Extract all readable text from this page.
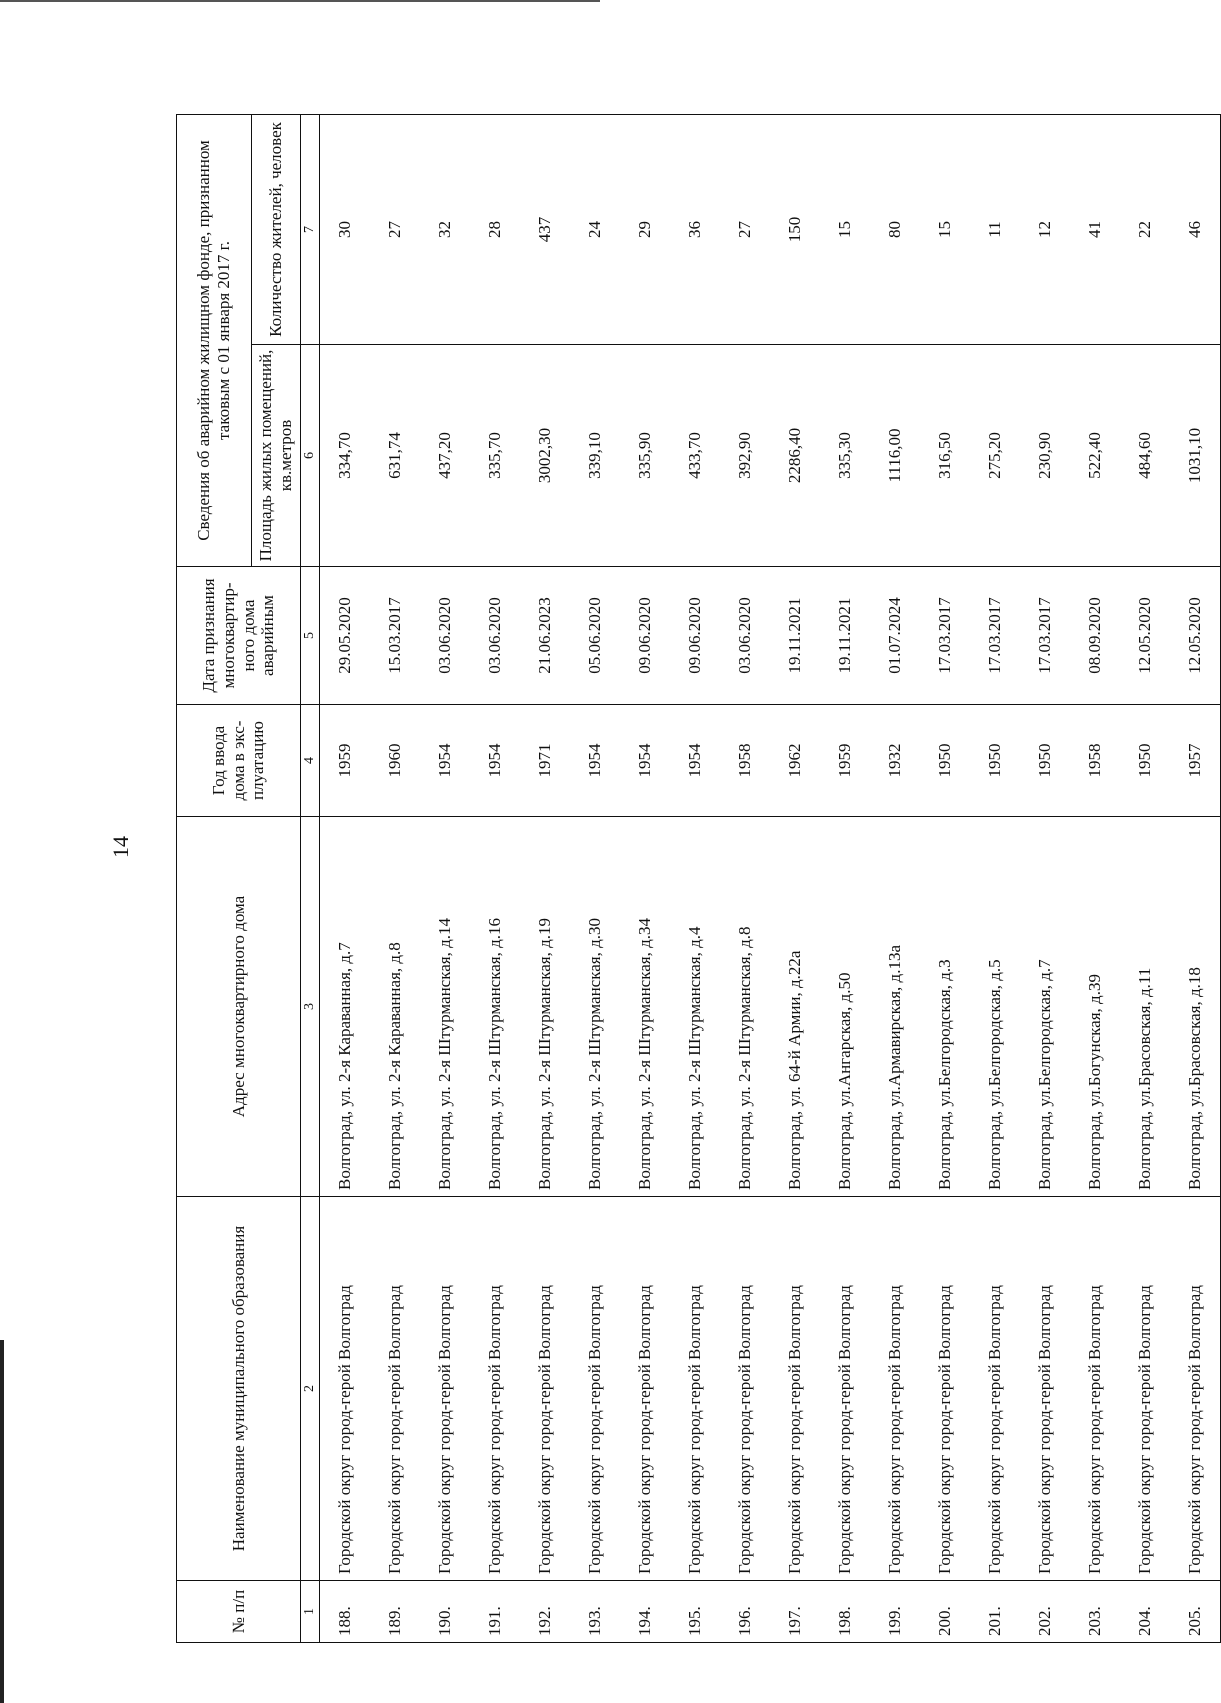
14
№ п/п	Наименование муниципального образования	Адрес многоквартирного дома	Год ввода дома в экс-плуатацию	Дата признания многоквартир-ного дома аварийным	Сведения об аварийном жилищном фонде, признанном таковым с 01 января 2017 г.	
					Площадь жилых помещений, кв.метров	Количество жителей, человек
1	2	3	4	5	6	7
188.	Городской округ город-герой Волгоград	Волгоград, ул. 2-я Караванная, д.7	1959	29.05.2020	334,70	30
189.	Городской округ город-герой Волгоград	Волгоград, ул. 2-я Караванная, д.8	1960	15.03.2017	631,74	27
190.	Городской округ город-герой Волгоград	Волгоград, ул. 2-я Штурманская, д.14	1954	03.06.2020	437,20	32
191.	Городской округ город-герой Волгоград	Волгоград, ул. 2-я Штурманская, д.16	1954	03.06.2020	335,70	28
192.	Городской округ город-герой Волгоград	Волгоград, ул. 2-я Штурманская, д.19	1971	21.06.2023	3002,30	437
193.	Городской округ город-герой Волгоград	Волгоград, ул. 2-я Штурманская, д.30	1954	05.06.2020	339,10	24
194.	Городской округ город-герой Волгоград	Волгоград, ул. 2-я Штурманская, д.34	1954	09.06.2020	335,90	29
195.	Городской округ город-герой Волгоград	Волгоград, ул. 2-я Штурманская, д.4	1954	09.06.2020	433,70	36
196.	Городской округ город-герой Волгоград	Волгоград, ул. 2-я Штурманская, д.8	1958	03.06.2020	392,90	27
197.	Городской округ город-герой Волгоград	Волгоград, ул. 64-й Армии, д.22а	1962	19.11.2021	2286,40	150
198.	Городской округ город-герой Волгоград	Волгоград, ул.Ангарская, д.50	1959	19.11.2021	335,30	15
199.	Городской округ город-герой Волгоград	Волгоград, ул.Армавирская, д.13а	1932	01.07.2024	1116,00	80
200.	Городской округ город-герой Волгоград	Волгоград, ул.Белгородская, д.3	1950	17.03.2017	316,50	15
201.	Городской округ город-герой Волгоград	Волгоград, ул.Белгородская, д.5	1950	17.03.2017	275,20	11
202.	Городской округ город-герой Волгоград	Волгоград, ул.Белгородская, д.7	1950	17.03.2017	230,90	12
203.	Городской округ город-герой Волгоград	Волгоград, ул.Богунская, д.39	1958	08.09.2020	522,40	41
204.	Городской округ город-герой Волгоград	Волгоград, ул.Брасовская, д.11	1950	12.05.2020	484,60	22
205.	Городской округ город-герой Волгоград	Волгоград, ул.Брасовская, д.18	1957	12.05.2020	1031,10	46
